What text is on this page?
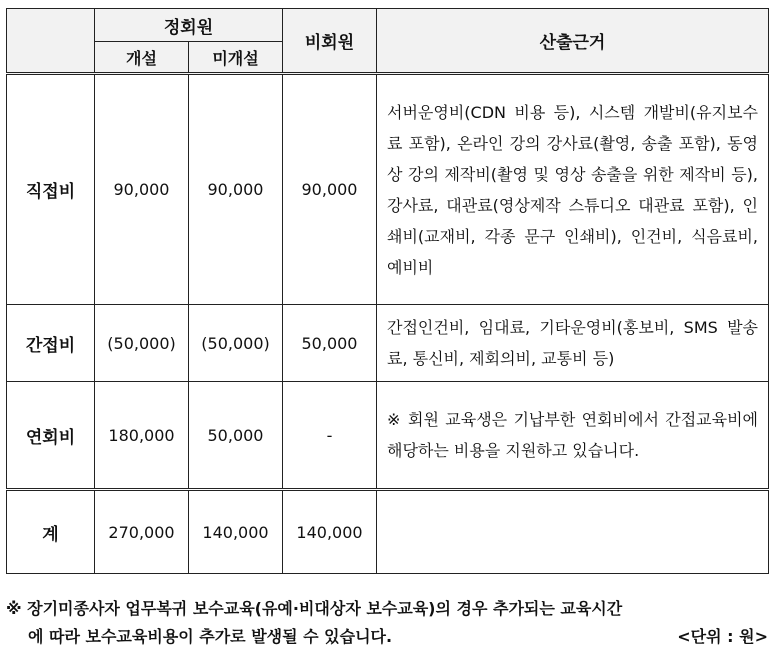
	정회원		비회원	산출근거
	개설	미개설		
직접비	90,000	90,000	90,000	서버운영비(CDN 비용 등), 시스템 개발비(유지보수료 포함), 온라인 강의 강사료(촬영, 송출 포함), 동영상 강의 제작비(촬영 및 영상 송출을 위한 제작비 등), 강사료, 대관료(영상제작 스튜디오 대관료 포함), 인쇄비(교재비, 각종 문구 인쇄비), 인건비, 식음료비, 예비비
간접비	(50,000)	(50,000)	50,000	간접인건비, 임대료, 기타운영비(홍보비, SMS 발송료, 통신비, 제회의비, 교통비 등)
연회비	180,000	50,000	-	※ 회원 교육생은 기납부한 연회비에서 간접교육비에 해당하는 비용을 지원하고 있습니다.
계	270,000	140,000	140,000	
※ 장기미종사자 업무복귀 보수교육(유예·비대상자 보수교육)의 경우 추가되는 교육시간
에 따라 보수교육비용이 추가로 발생될 수 있습니다.	<단위 : 원>
